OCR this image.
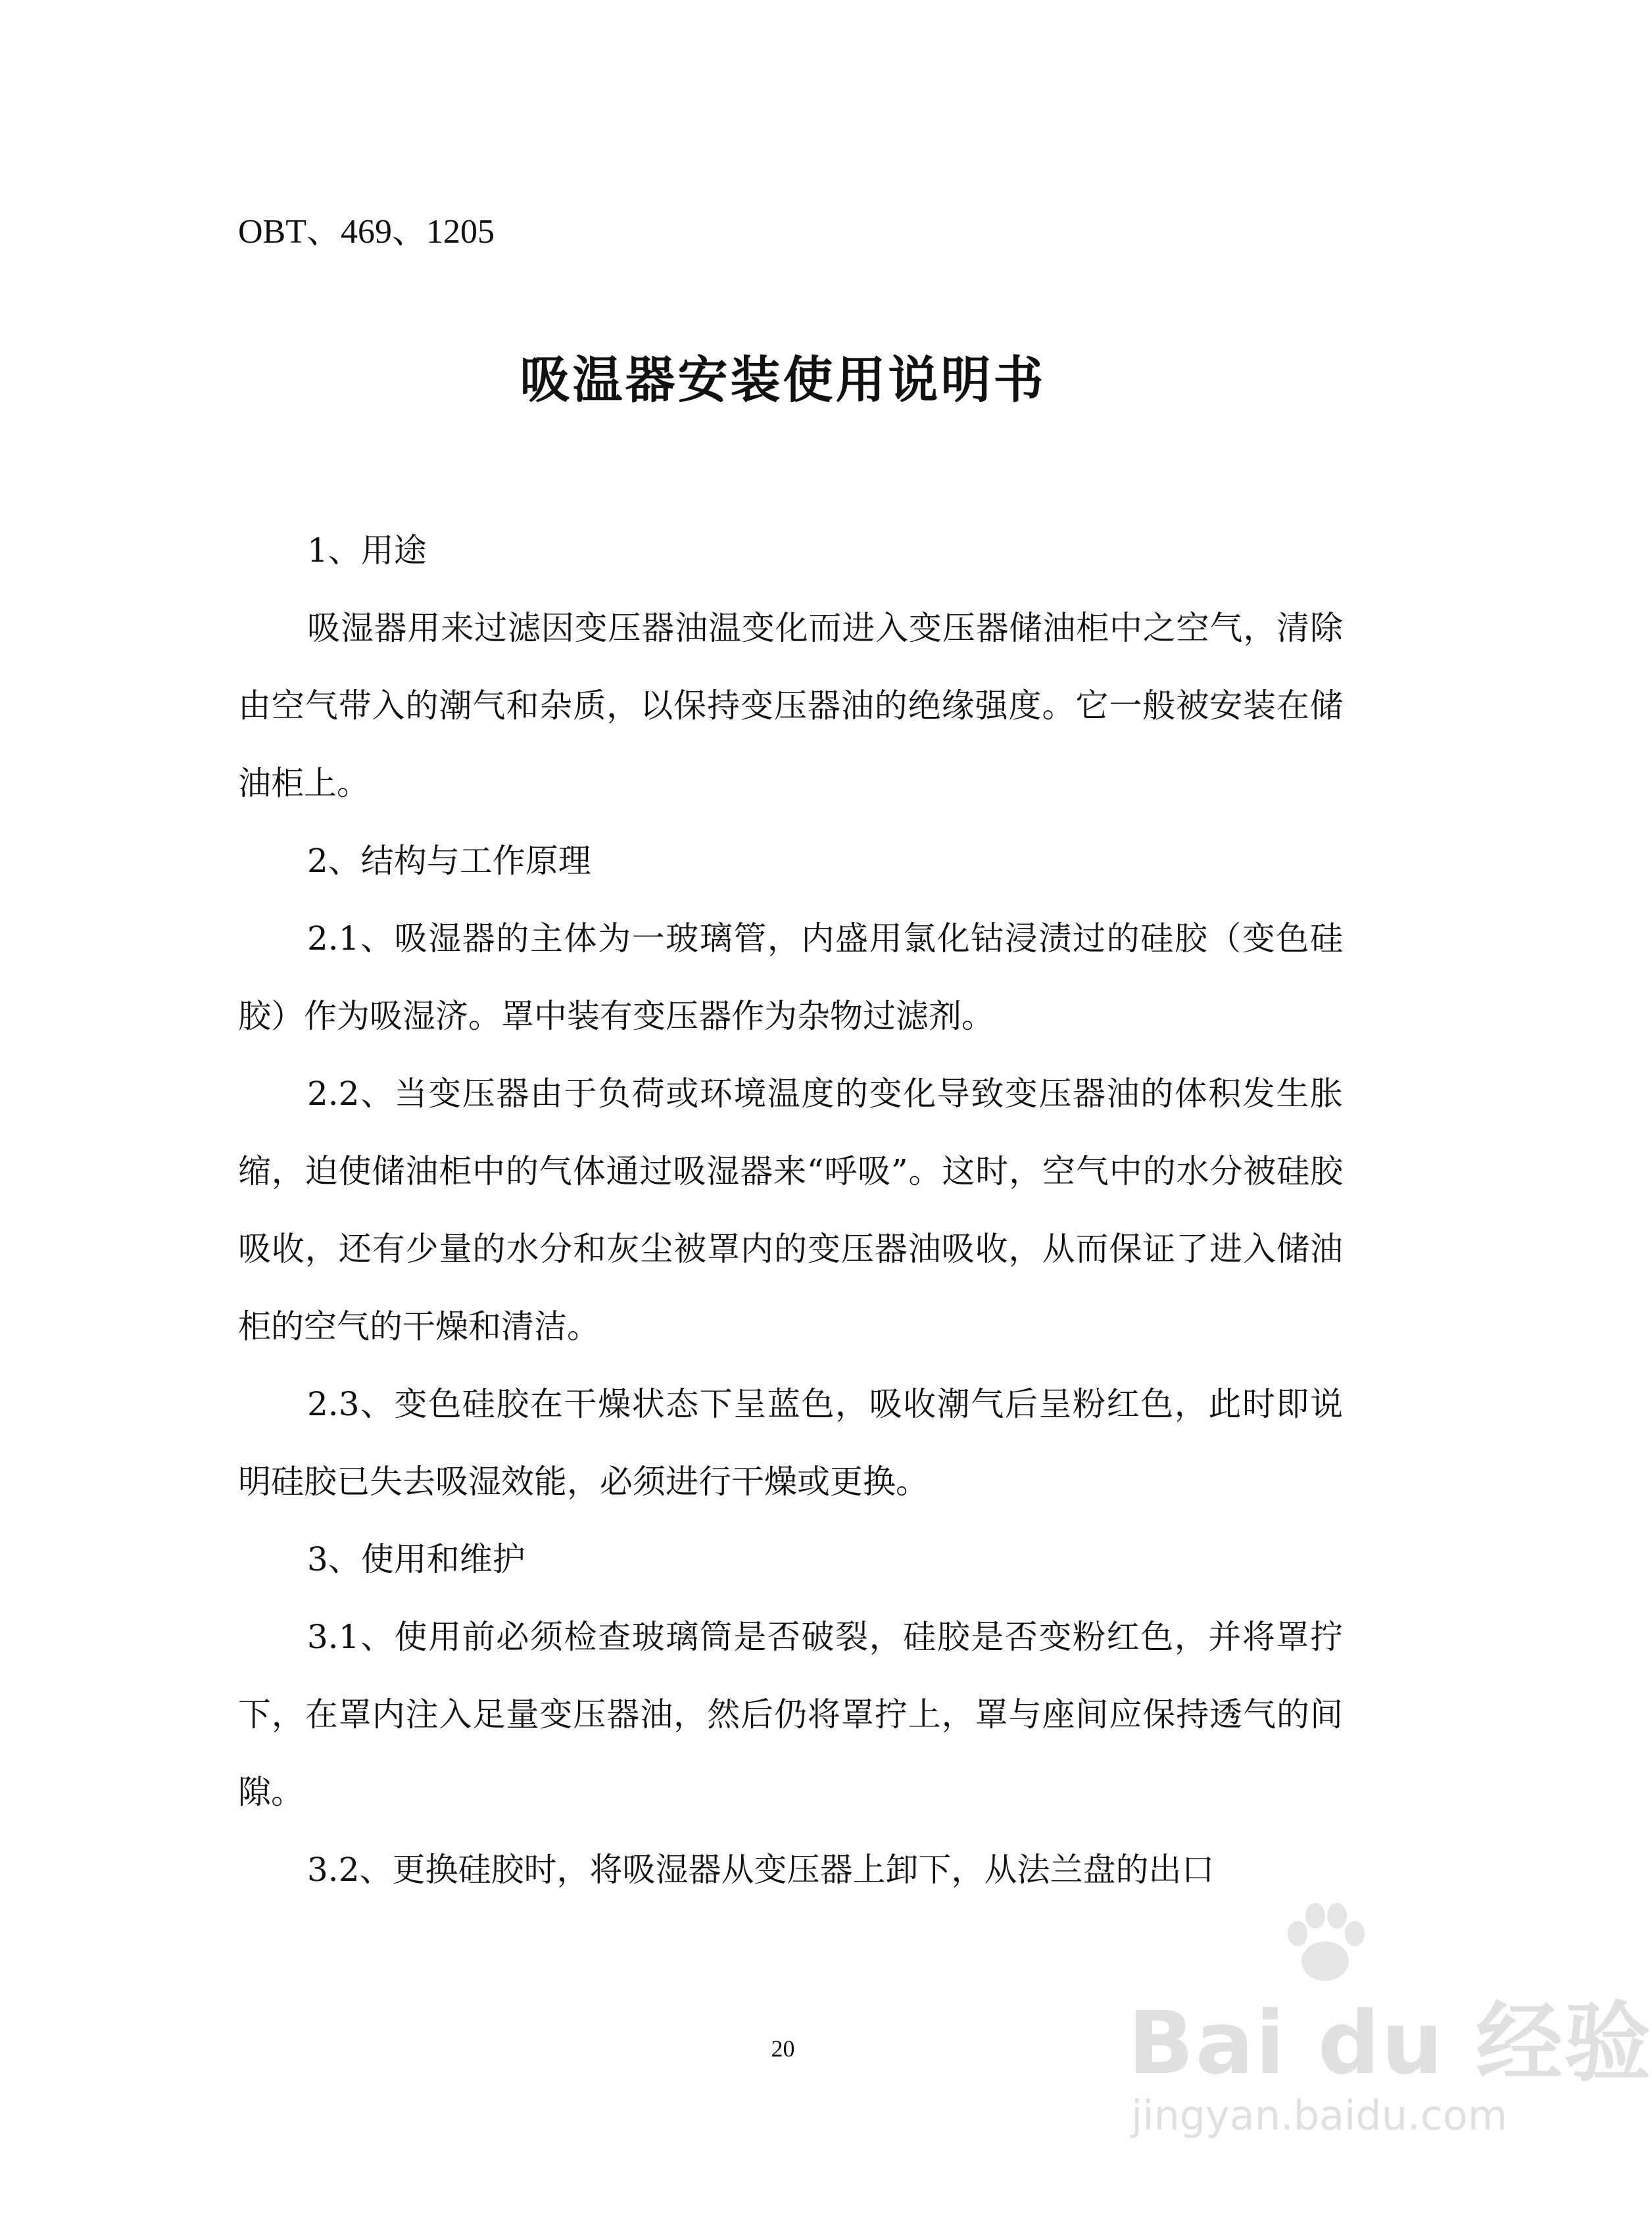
OBT、469、1205
吸温器安装使用说明书

1、用途

吸湿器用来过滤因变压器油温变化而进入变压器储油柜中之空气，清除由空气带入的潮气和杂质，以保持变压器油的绝缘强度。它一般被安装在储油柜上。

2、结构与工作原理

2.1、吸湿器的主体为一玻璃管，内盛用氯化钴浸渍过的硅胶（变色硅胶）作为吸湿济。罩中装有变压器作为杂物过滤剂。

2.2、当变压器由于负荷或环境温度的变化导致变压器油的体积发生胀缩，迫使储油柜中的气体通过吸湿器来“呼吸”。这时，空气中的水分被硅胶吸收，还有少量的水分和灰尘被罩内的变压器油吸收，从而保证了进入储油柜的空气的干燥和清洁。

2.3、变色硅胶在干燥状态下呈蓝色，吸收潮气后呈粉红色，此时即说明硅胶已失去吸湿效能，必须进行干燥或更换。

3、使用和维护

3.1、使用前必须检查玻璃筒是否破裂，硅胶是否变粉红色，并将罩拧下，在罩内注入足量变压器油，然后仍将罩拧上，罩与座间应保持透气的间隙。

3.2、更换硅胶时，将吸湿器从变压器上卸下，从法兰盘的出口

20	Bai du 经验
jingyan.baidu.com
